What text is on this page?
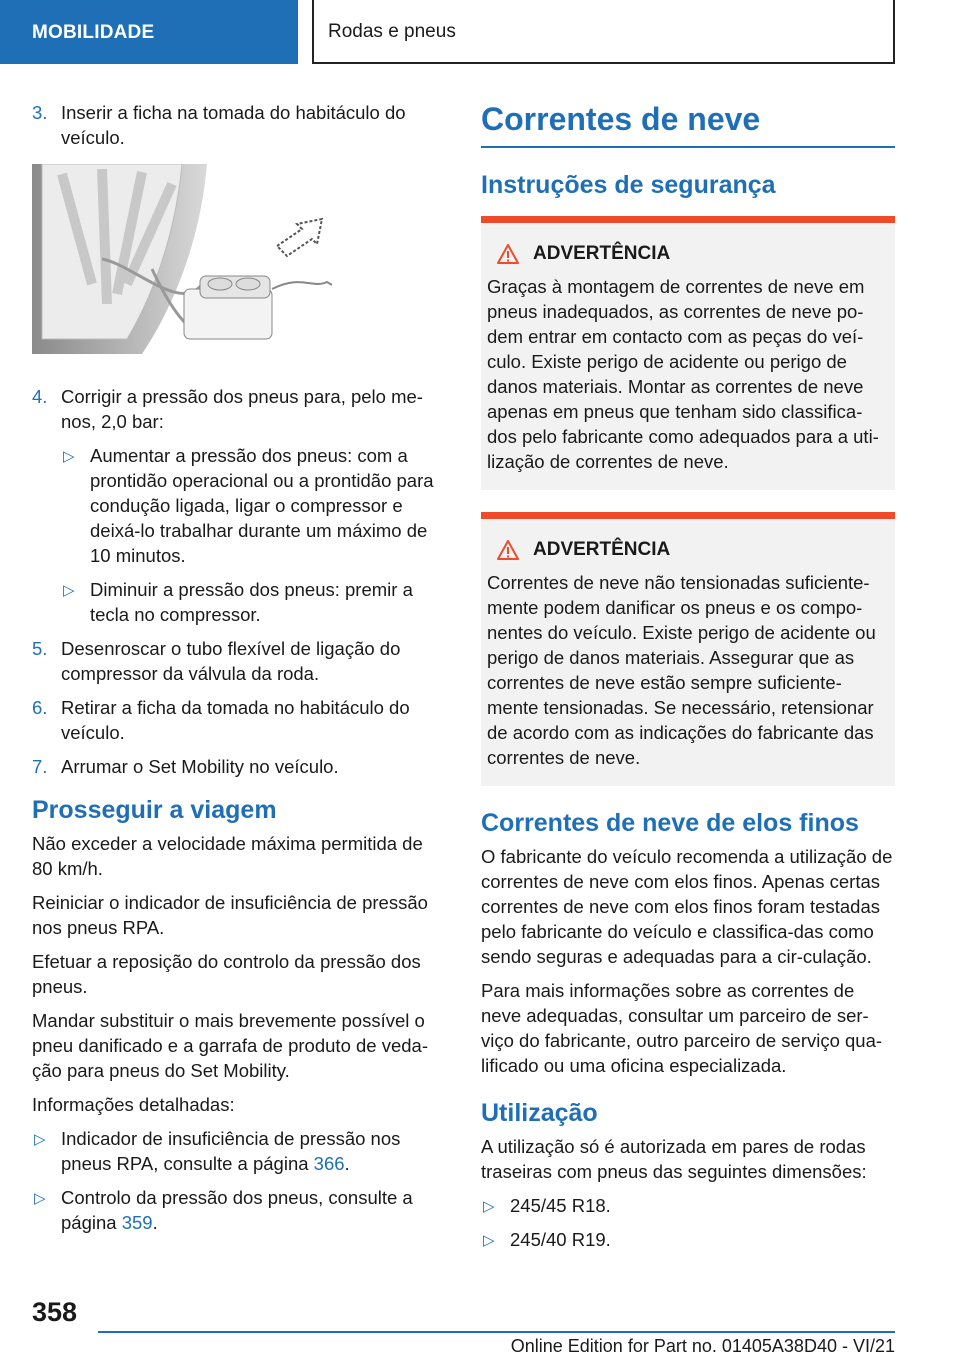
MOBILIDADE	Rodas e pneus
3. Inserir a ficha na tomada do habitáculo do veículo.
4. Corrigir a pressão dos pneus para, pelo me-nos, 2,0 bar:
▷ Aumentar a pressão dos pneus: com a prontidão operacional ou a prontidão para condução ligada, ligar o compressor e deixá-lo trabalhar durante um máximo de 10 minutos.
▷ Diminuir a pressão dos pneus: premir a tecla no compressor.
5. Desenroscar o tubo flexível de ligação do compressor da válvula da roda.
6. Retirar a ficha da tomada no habitáculo do veículo.
7. Arrumar o Set Mobility no veículo.
Prosseguir a viagem

Não exceder a velocidade máxima permitida de 80 km/h.

Reiniciar o indicador de insuficiência de pressão nos pneus RPA.

Efetuar a reposição do controlo da pressão dos pneus.

Mandar substituir o mais brevemente possível o pneu danificado e a garrafa de produto de veda-ção para pneus do Set Mobility.

Informações detalhadas:

▷ Indicador de insuficiência de pressão nos pneus RPA, consulte a página 366.
▷ Controlo da pressão dos pneus, consulte a página 359.
Correntes de neve
Instruções de segurança
ADVERTÊNCIA

Graças à montagem de correntes de neve em pneus inadequados, as correntes de neve po-dem entrar em contacto com as peças do veí-culo. Existe perigo de acidente ou perigo de danos materiais. Montar as correntes de neve apenas em pneus que tenham sido classifica-dos pelo fabricante como adequados para a uti-lização de correntes de neve.

ADVERTÊNCIA

Correntes de neve não tensionadas suficiente-mente podem danificar os pneus e os compo-nentes do veículo. Existe perigo de acidente ou perigo de danos materiais. Assegurar que as correntes de neve estão sempre suficiente-mente tensionadas. Se necessário, retensionar de acordo com as indicações do fabricante das correntes de neve.

Correntes de neve de elos finos

O fabricante do veículo recomenda a utilização de correntes de neve com elos finos. Apenas certas correntes de neve com elos finos foram testadas pelo fabricante do veículo e classifica-das como sendo seguras e adequadas para a cir-culação.

Para mais informações sobre as correntes de neve adequadas, consultar um parceiro de ser-viço do fabricante, outro parceiro de serviço qua-lificado ou uma oficina especializada.

Utilização

A utilização só é autorizada em pares de rodas traseiras com pneus das seguintes dimensões:

▷ 245/45 R18.
▷ 245/40 R19.
358
Online Edition for Part no. 01405A38D40 - VI/21
